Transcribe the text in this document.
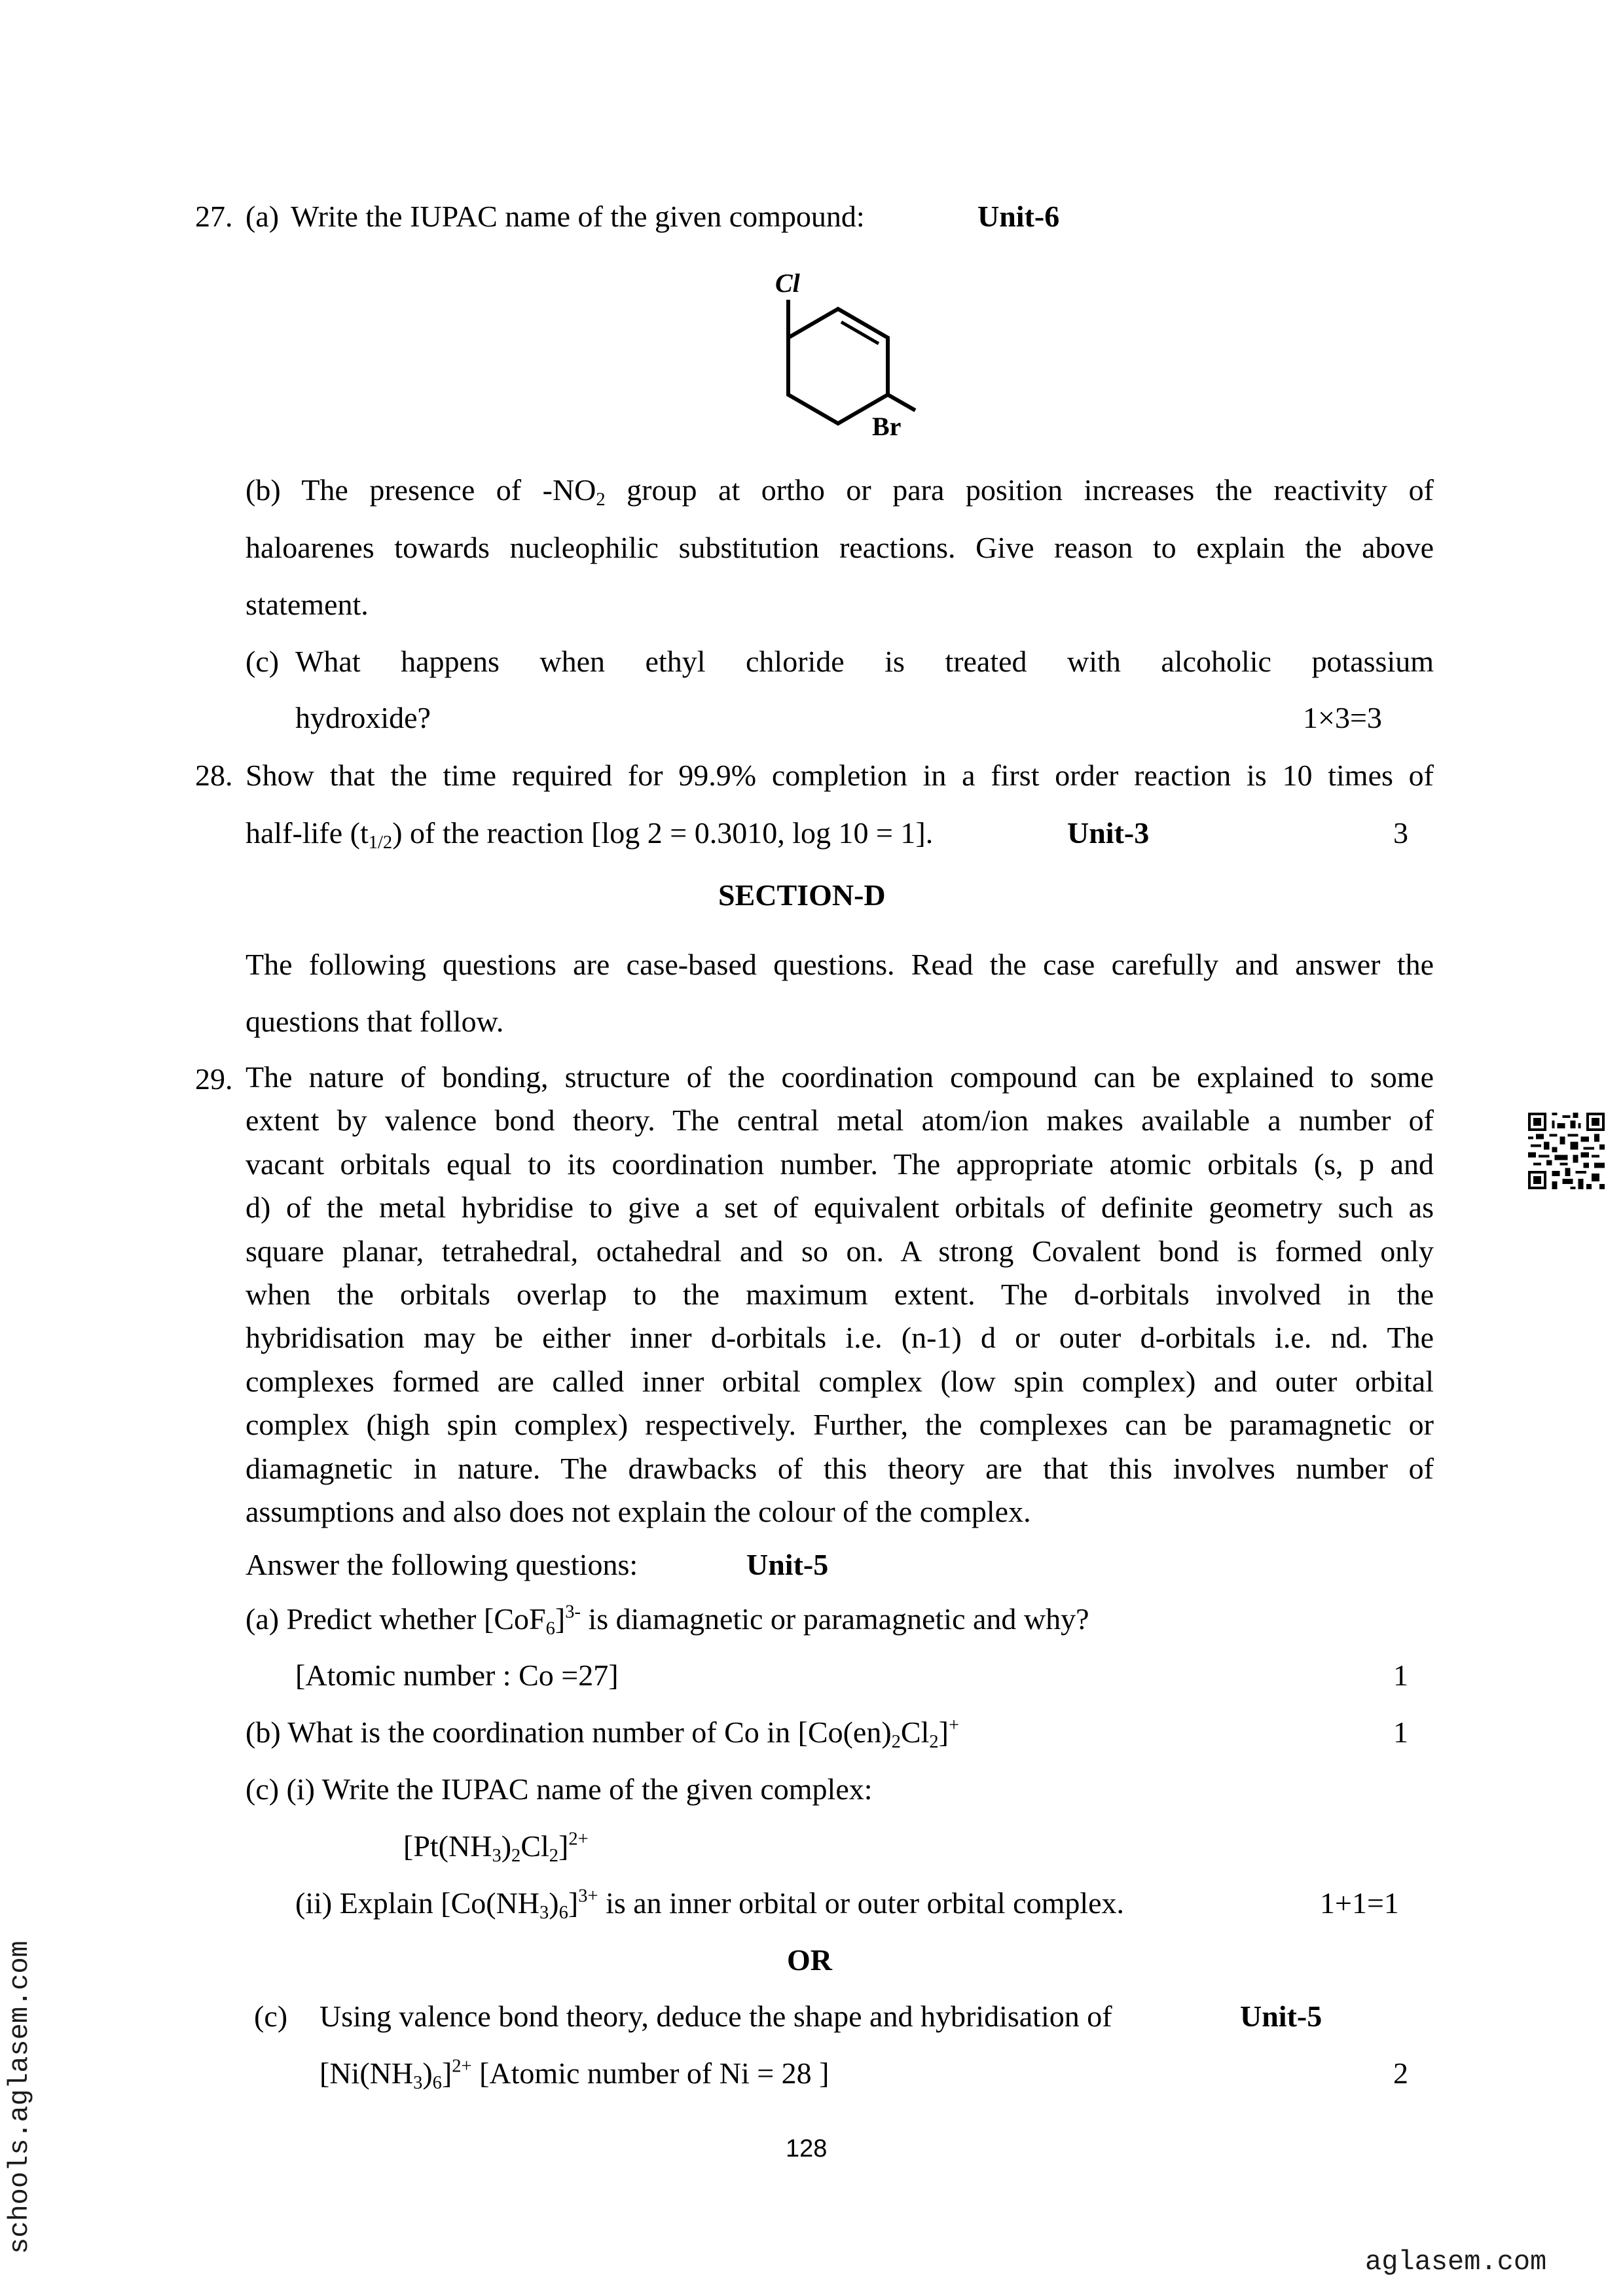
27. (a) Write the IUPAC name of the given compound:	Unit-6
Cl
Br
(b) The presence of $-NO_2$ group at ortho or para position increases the reactivity of
haloarenes towards nucleophilic substitution reactions. Give reason to explain the above
statement.
(c) What happens when ethyl chloride is treated with alcoholic potassium
hydroxide?	1×3=3
28. Show that the time required for 99.9% completion in a first order reaction is 10 times of
half-life $(t_{1/2})$ of the reaction [log 2 = 0.3010, log 10 = 1].	Unit-3	3
SECTION-D
The following questions are case-based questions. Read the case carefully and answer the
questions that follow.
29. The nature of bonding, structure of the coordination compound can be explained to some
extent by valence bond theory. The central metal atom/ion makes available a number of
vacant orbitals equal to its coordination number. The appropriate atomic orbitals (s, p and
d) of the metal hybridise to give a set of equivalent orbitals of definite geometry such as
square planar, tetrahedral, octahedral and so on. A strong Covalent bond is formed only
when the orbitals overlap to the maximum extent. The d-orbitals involved in the
hybridisation may be either inner d-orbitals i.e. (n-1) d or outer d-orbitals i.e. nd. The
complexes formed are called inner orbital complex (low spin complex) and outer orbital
complex (high spin complex) respectively. Further, the complexes can be paramagnetic or
diamagnetic in nature. The drawbacks of this theory are that this involves number of
assumptions and also does not explain the colour of the complex.
Answer the following questions:	Unit-5
(a) Predict whether $[CoF_6]^{3-}$ is diamagnetic or paramagnetic and why?
[Atomic number : Co =27]	1
(b) What is the coordination number of Co in $[Co(en)_2Cl_2]^+$	1
(c) (i) Write the IUPAC name of the given complex:
$[Pt(NH_3)_2Cl_2]^{2+}$
(ii) Explain $[Co(NH_3)_6]^{3+}$ is an inner orbital or outer orbital complex.	1+1=1
OR
(c) Using valence bond theory, deduce the shape and hybridisation of	Unit-5
$[Ni(NH_3)_6]^{2+}$ [Atomic number of Ni = 28 ]	2
128
schools.aglasem.com
aglasem.com
